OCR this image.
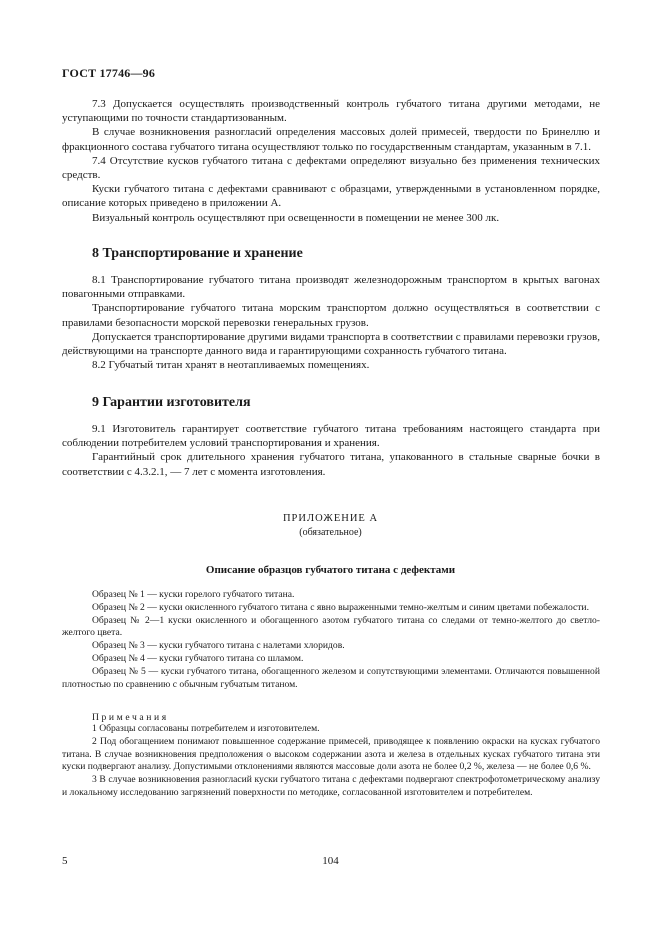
ГОСТ 17746—96

7.3 Допускается осуществлять производственный контроль губчатого титана другими методами, не уступающими по точности стандартизованным.

В случае возникновения разногласий определения массовых долей примесей, твердости по Бринеллю и фракционного состава губчатого титана осуществляют только по государственным стандартам, указанным в 7.1.

7.4 Отсутствие кусков губчатого титана с дефектами определяют визуально без применения технических средств.

Куски губчатого титана с дефектами сравнивают с образцами, утвержденными в установленном порядке, описание которых приведено в приложении А.

Визуальный контроль осуществляют при освещенности в помещении не менее 300 лк.

8 Транспортирование и хранение

8.1 Транспортирование губчатого титана производят железнодорожным транспортом в крытых вагонах повагонными отправками.

Транспортирование губчатого титана морским транспортом должно осуществляться в соответствии с правилами безопасности морской перевозки генеральных грузов.

Допускается транспортирование другими видами транспорта в соответствии с правилами перевозки грузов, действующими на транспорте данного вида и гарантирующими сохранность губчатого титана.

8.2 Губчатый титан хранят в неотапливаемых помещениях.

9 Гарантии изготовителя

9.1 Изготовитель гарантирует соответствие губчатого титана требованиям настоящего стандарта при соблюдении потребителем условий транспортирования и хранения.

Гарантийный срок длительного хранения губчатого титана, упакованного в стальные сварные бочки в соответствии с 4.3.2.1, — 7 лет с момента изготовления.

ПРИЛОЖЕНИЕ А
(обязательное)
Описание образцов губчатого титана с дефектами

Образец № 1 — куски горелого губчатого титана.

Образец № 2 — куски окисленного губчатого титана с явно выраженными темно-желтым и синим цветами побежалости.

Образец № 2—1 куски окисленного и обогащенного азотом губчатого титана со следами от темно-желтого до светло-желтого цвета.

Образец № 3 — куски губчатого титана с налетами хлоридов.

Образец № 4 — куски губчатого титана со шламом.

Образец № 5 — куски губчатого титана, обогащенного железом и сопутствующими элементами. Отличаются повышенной плотностью по сравнению с обычным губчатым титаном.

Примечания

1 Образцы согласованы потребителем и изготовителем.

2 Под обогащением понимают повышенное содержание примесей, приводящее к появлению окраски на кусках губчатого титана. В случае возникновения предположения о высоком содержании азота и железа в отдельных кусках губчатого титана эти куски подвергают анализу. Допустимыми отклонениями являются массовые доли азота не более 0,2 %, железа — не более 0,6 %.

3 В случае возникновения разногласий куски губчатого титана с дефектами подвергают спектрофотометрическому анализу и локальному исследованию загрязнений поверхности по методике, согласованной изготовителем и потребителем.

5	104
